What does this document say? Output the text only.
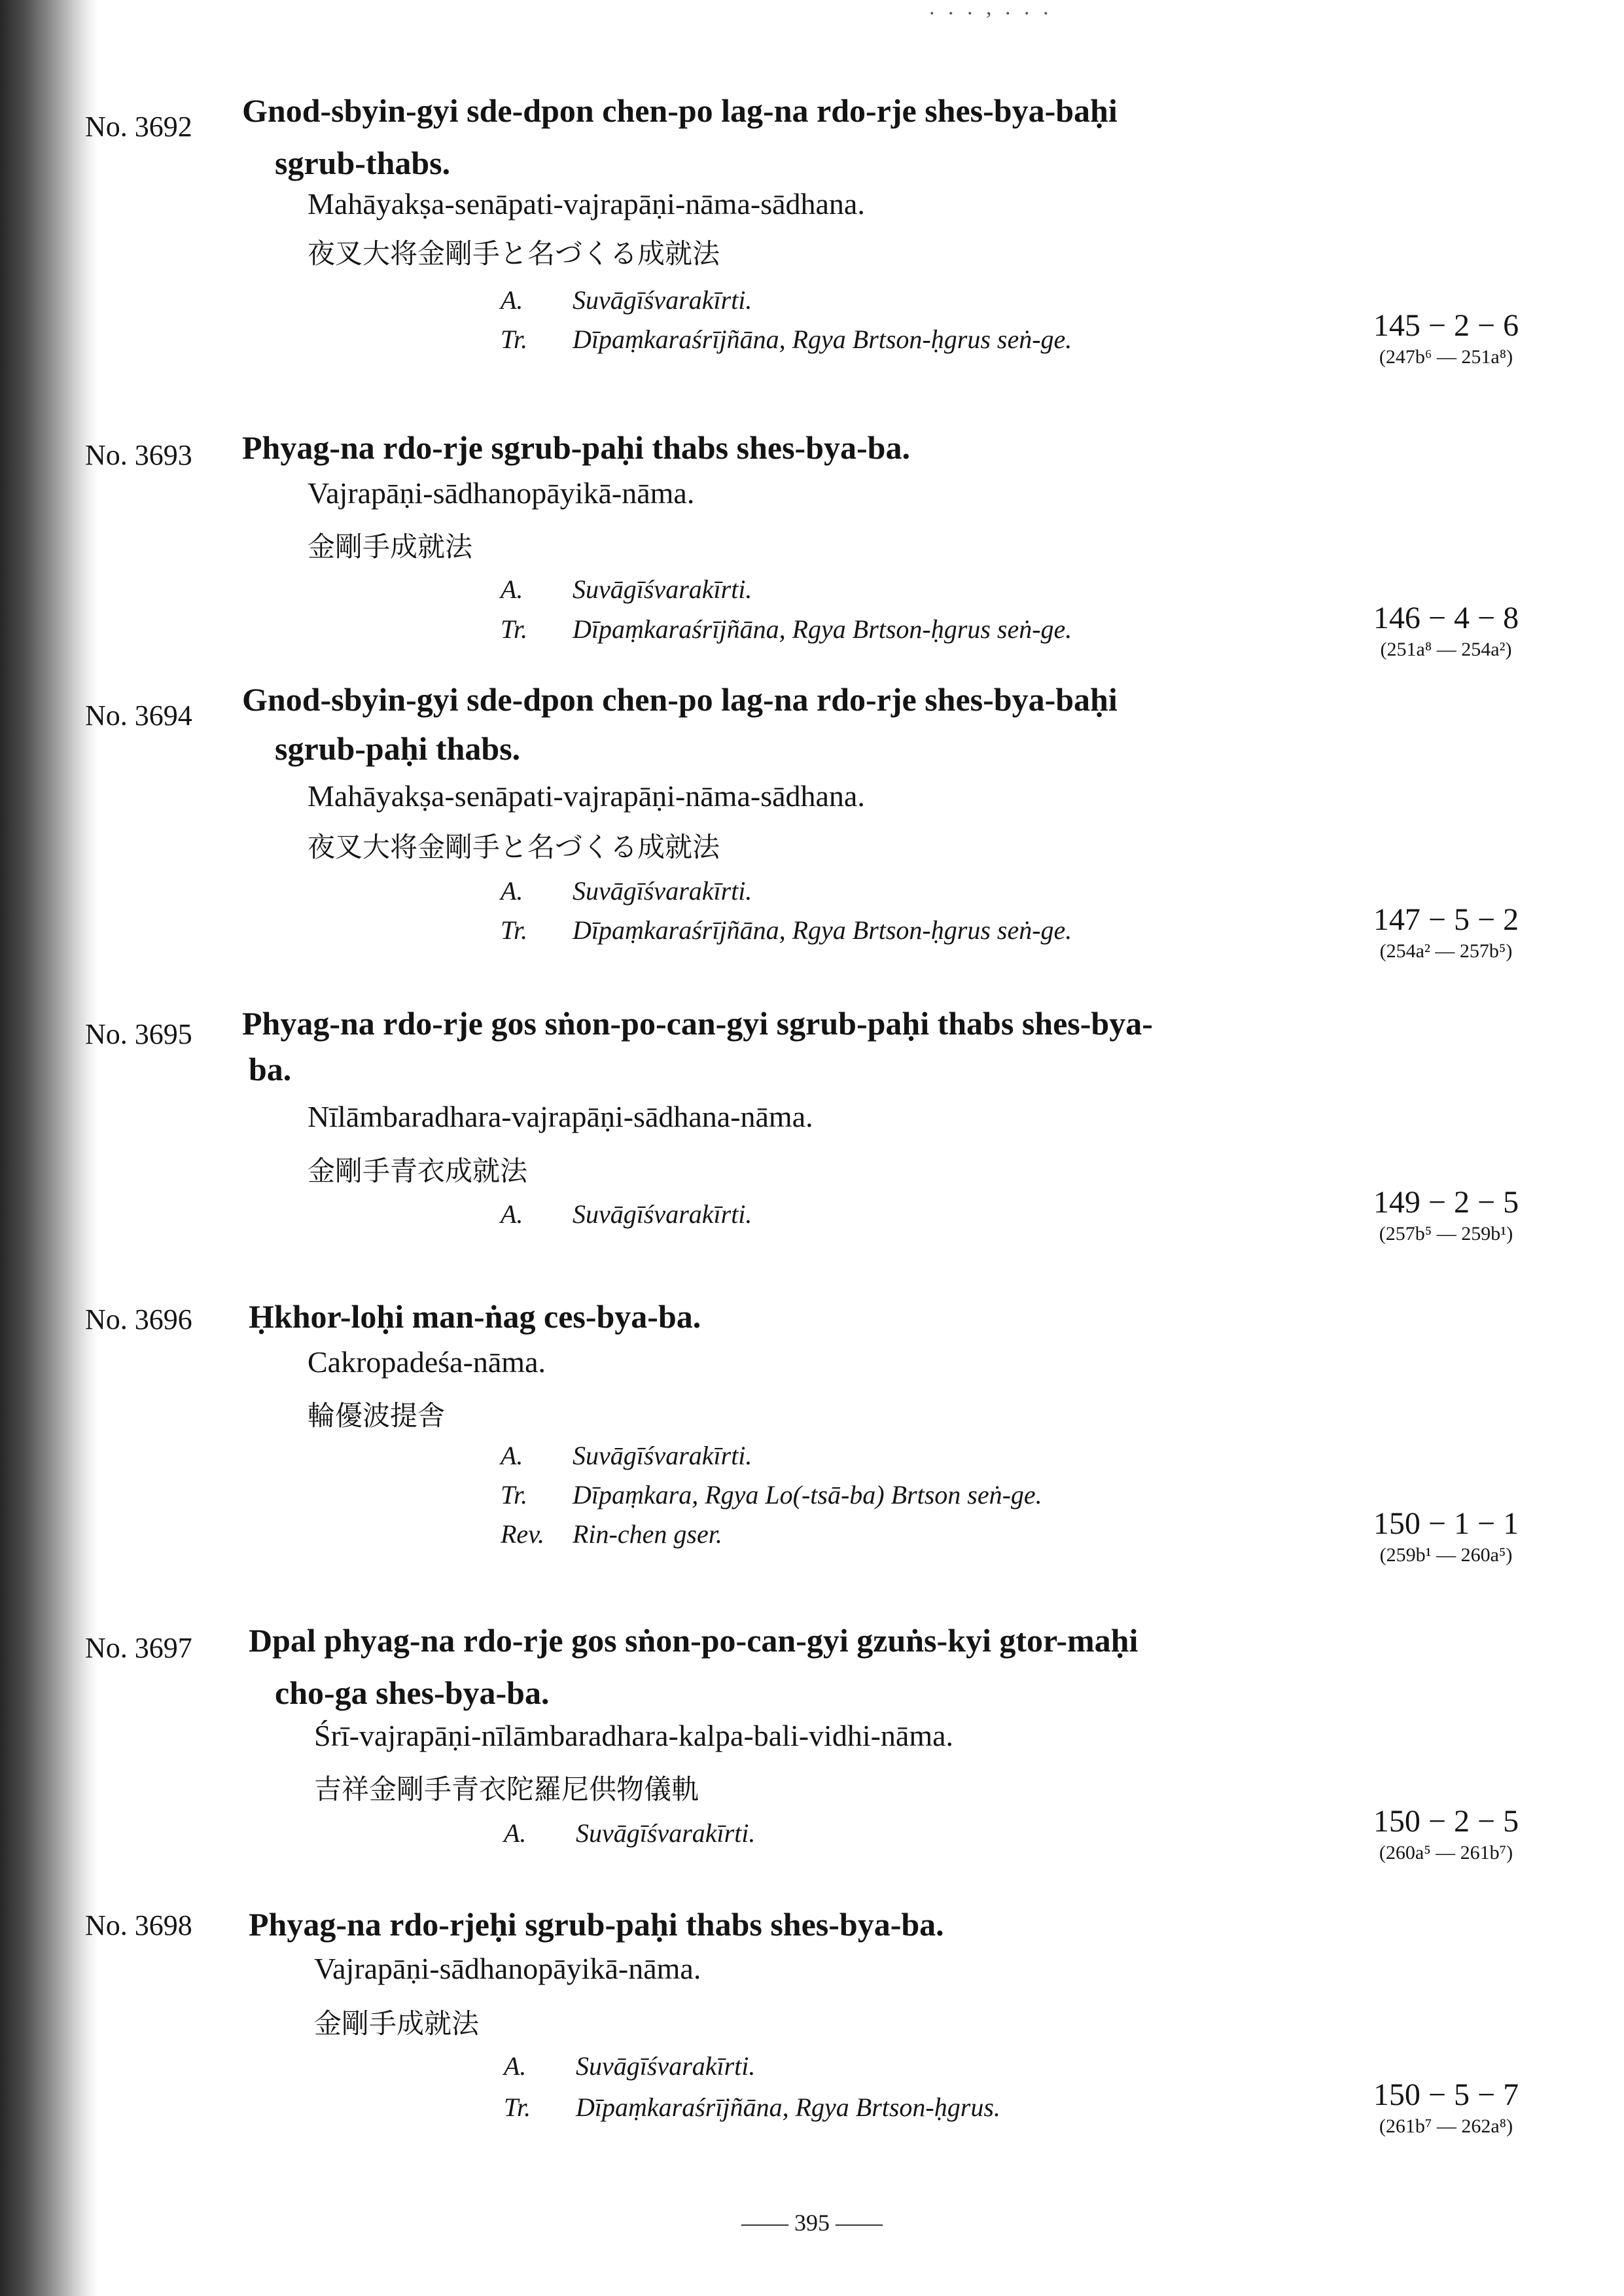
. . . , . . .
No. 3692 Gnod-sbyin-gyi sde-dpon chen-po lag-na rdo-rje shes-bya-baḥi
sgrub-thabs.
Mahāyakṣa-senāpati-vajrapāṇi-nāma-sādhana.
夜叉大将金剛手と名づくる成就法
A. Suvāgīśvarakīrti.
Tr. Dīpaṃkaraśrījñāna, Rgya Brtson-ḥgrus seṅ-ge.	145 − 2 − 6
(247b⁶ — 251a⁸)
No. 3693 Phyag-na rdo-rje sgrub-paḥi thabs shes-bya-ba.
Vajrapāṇi-sādhanopāyikā-nāma.
金剛手成就法
A. Suvāgīśvarakīrti.
Tr. Dīpaṃkaraśrījñāna, Rgya Brtson-ḥgrus seṅ-ge.	146 − 4 − 8
(251a⁸ — 254a²)
No. 3694 Gnod-sbyin-gyi sde-dpon chen-po lag-na rdo-rje shes-bya-baḥi
sgrub-paḥi thabs.
Mahāyakṣa-senāpati-vajrapāṇi-nāma-sādhana.
夜叉大将金剛手と名づくる成就法
A. Suvāgīśvarakīrti.
Tr. Dīpaṃkaraśrījñāna, Rgya Brtson-ḥgrus seṅ-ge.	147 − 5 − 2
(254a² — 257b⁵)
No. 3695 Phyag-na rdo-rje gos sṅon-po-can-gyi sgrub-paḥi thabs shes-bya-
ba.
Nīlāmbaradhara-vajrapāṇi-sādhana-nāma.
金剛手青衣成就法
A. Suvāgīśvarakīrti.	149 − 2 − 5
(257b⁵ — 259b¹)
No. 3696 Ḥkhor-loḥi man-ṅag ces-bya-ba.
Cakropadeśa-nāma.
輪優波提舎
A. Suvāgīśvarakīrti.
Tr. Dīpaṃkara, Rgya Lo(-tsā-ba) Brtson seṅ-ge.
Rev. Rin-chen gser.	150 − 1 − 1
(259b¹ — 260a⁵)
No. 3697 Dpal phyag-na rdo-rje gos sṅon-po-can-gyi gzuṅs-kyi gtor-maḥi
cho-ga shes-bya-ba.
Śrī-vajrapāṇi-nīlāmbaradhara-kalpa-bali-vidhi-nāma.
吉祥金剛手青衣陀羅尼供物儀軌
A. Suvāgīśvarakīrti.	150 − 2 − 5
(260a⁵ — 261b⁷)
No. 3698 Phyag-na rdo-rjeḥi sgrub-paḥi thabs shes-bya-ba.
Vajrapāṇi-sādhanopāyikā-nāma.
金剛手成就法
A. Suvāgīśvarakīrti.
Tr. Dīpaṃkaraśrījñāna, Rgya Brtson-ḥgrus.	150 − 5 − 7
(261b⁷ — 262a⁸)
—— 395 ——
